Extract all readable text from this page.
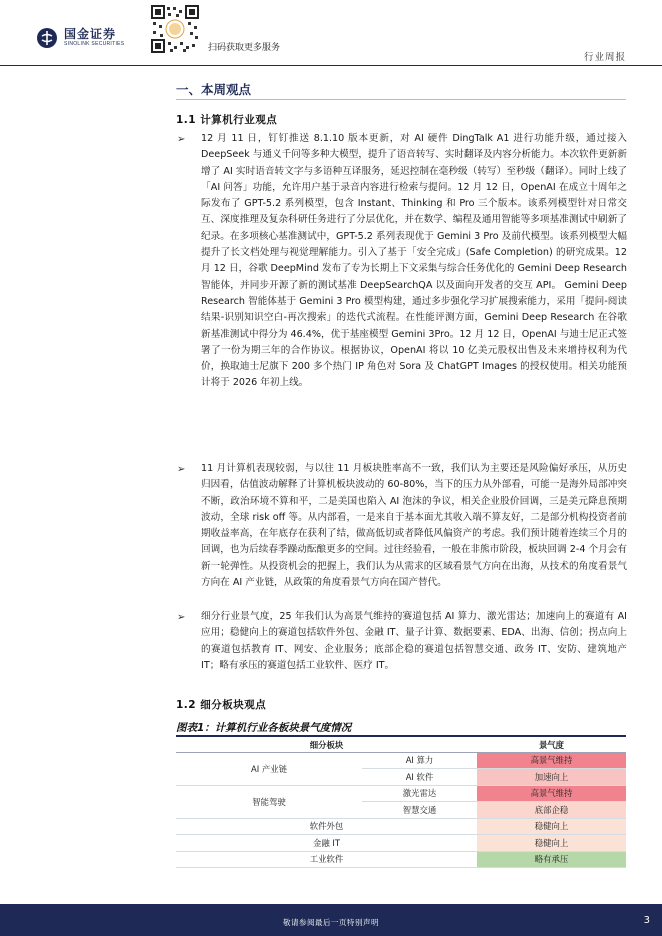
国金证券
SINOLINK SECURITIES	扫码获取更多服务
行业周报
一、本周观点
1.1 计算机行业观点
➢ 12 月 11 日，钉钉推送 8.1.10 版本更新，对 AI 硬件 DingTalk A1 进行功能升级，通过接入 DeepSeek 与通义千问等多种大模型，提升了语音转写、实时翻译及内容分析能力。本次软件更新新增了 AI 实时语音转文字与多语种互译服务，延迟控制在毫秒级（转写）至秒级（翻译）。同时上线了「AI 问答」功能，允许用户基于录音内容进行检索与提问。12 月 12 日，OpenAI 在成立十周年之际发布了 GPT-5.2 系列模型，包含 Instant、Thinking 和 Pro 三个版本。该系列模型针对日常交互、深度推理及复杂科研任务进行了分层优化，并在数学、编程及通用智能等多项基准测试中刷新了纪录。在多项核心基准测试中，GPT-5.2 系列表现优于 Gemini 3 Pro 及前代模型。该系列模型大幅提升了长文档处理与视觉理解能力。引入了基于「安全完成」(Safe Completion) 的研究成果。12 月 12 日，谷歌 DeepMind 发布了专为长期上下文采集与综合任务优化的 Gemini Deep Research 智能体，并同步开源了新的测试基准 DeepSearchQA 以及面向开发者的交互 API。 Gemini Deep Research 智能体基于 Gemini 3 Pro 模型构建，通过多步强化学习扩展搜索能力，采用「提问-阅读结果-识别知识空白-再次搜索」的迭代式流程。在性能评测方面，Gemini Deep Research 在谷歌新基准测试中得分为 46.4%，优于基座模型 Gemini 3Pro。12 月 12 日，OpenAI 与迪士尼正式签署了一份为期三年的合作协议。根据协议，OpenAI 将以 10 亿美元股权出售及未来增持权利为代价，换取迪士尼旗下 200 多个热门 IP 角色对 Sora 及 ChatGPT Images 的授权使用。相关功能预计将于 2026 年初上线。
➢ 11 月计算机表现较弱，与以往 11 月板块胜率高不一致，我们认为主要还是风险偏好承压，从历史归因看，估值波动解释了计算机板块波动的 60-80%，当下的压力从外部看，可能一是海外局部冲突不断，政治环境不算和平，二是美国也陷入 AI 泡沫的争议，相关企业股价回调，三是美元降息预期波动，全球 risk off 等。从内部看，一是来自于基本面尤其收入端不算友好，二是部分机构投资者前期收益率高，在年底存在获利了结，做高低切或者降低风偏资产的考虑。我们预计随着连续三个月的回调，也为后续春季躁动酝酿更多的空间。过往经验看，一般在非熊市阶段，板块回调 2-4 个月会有新一轮弹性。从投资机会的把握上，我们认为从需求的区域看景气方向在出海，从技术的角度看景气方向在 AI 产业链，从政策的角度看景气方向在国产替代。
➢ 细分行业景气度，25 年我们认为高景气维持的赛道包括 AI 算力、激光雷达；加速向上的赛道有 AI 应用；稳健向上的赛道包括软件外包、金融 IT、量子计算、数据要素、EDA、出海、信创；拐点向上的赛道包括教育 IT、网安、企业服务；底部企稳的赛道包括智慧交通、政务 IT、安防、建筑地产 IT；略有承压的赛道包括工业软件、医疗 IT。
1.2 细分板块观点
图表1：计算机行业各板块景气度情况
细分板块		景气度
AI 产业链	AI 算力	高景气维持
	AI 软件	加速向上
智能驾驶	激光雷达	高景气维持
	智慧交通	底部企稳
软件外包		稳健向上
金融 IT		稳健向上
工业软件		略有承压
敬请参阅最后一页特别声明	3
